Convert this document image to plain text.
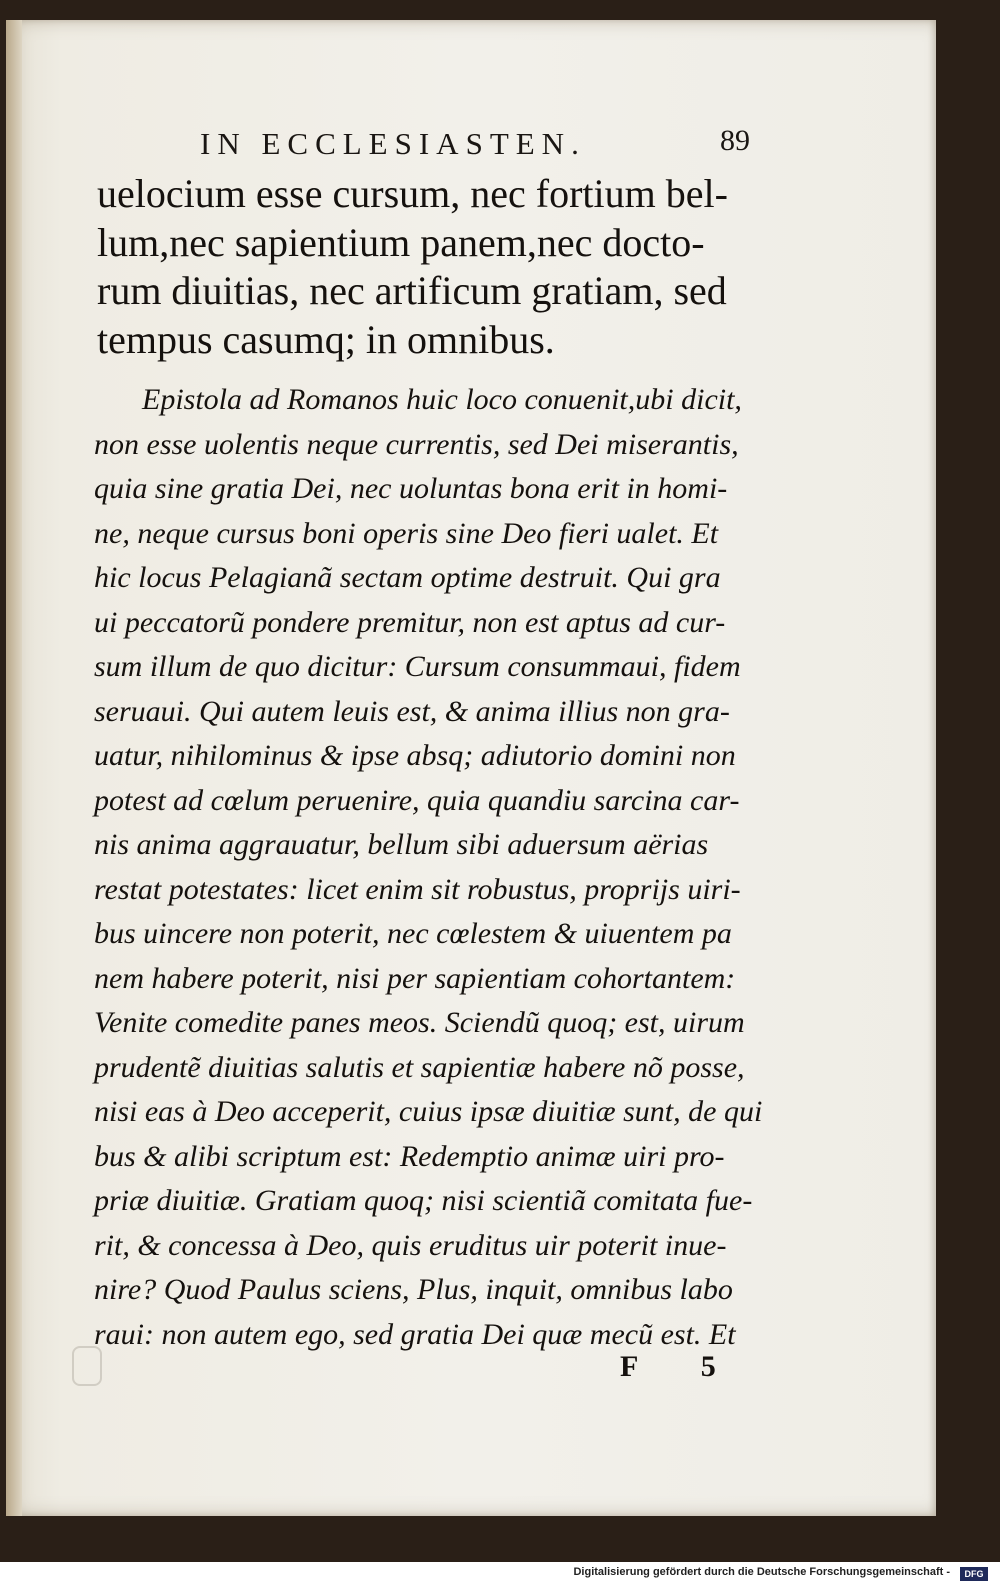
IN ECCLESIASTEN.	89
uelocium esse cursum, nec fortium bel-
lum,nec sapientium panem,nec docto-
rum diuitias, nec artificum gratiam, sed
tempus casumq; in omnibus.
Epistola ad Romanos huic loco conuenit,ubi dicit,
non esse uolentis neque currentis, sed Dei miserantis,
quia sine gratia Dei, nec uoluntas bona erit in homi-
ne, neque cursus boni operis sine Deo fieri ualet. Et
hic locus Pelagianã sectam optime destruit. Qui gra
ui peccatorũ pondere premitur, non est aptus ad cur-
sum illum de quo dicitur: Cursum consummaui, fidem
seruaui. Qui autem leuis est, & anima illius non gra-
uatur, nihilominus & ipse absq; adiutorio domini non
potest ad cœlum peruenire, quia quandiu sarcina car-
nis anima aggrauatur, bellum sibi aduersum aërias
restat potestates: licet enim sit robustus, proprijs uiri-
bus uincere non poterit, nec cœlestem & uiuentem pa
nem habere poterit, nisi per sapientiam cohortantem:
Venite comedite panes meos. Sciendũ quoq; est, uirum
prudentẽ diuitias salutis et sapientiæ habere nõ posse,
nisi eas à Deo acceperit, cuius ipsæ diuitiæ sunt, de qui
bus & alibi scriptum est: Redemptio animæ uiri pro-
priæ diuitiæ. Gratiam quoq; nisi scientiã comitata fue-
rit, & concessa à Deo, quis eruditus uir poterit inue-
nire? Quod Paulus sciens, Plus, inquit, omnibus labo
raui: non autem ego, sed gratia Dei quæ mecũ est. Et
F 5
Digitalisierung gefördert durch die Deutsche Forschungsgemeinschaft -	DFG
